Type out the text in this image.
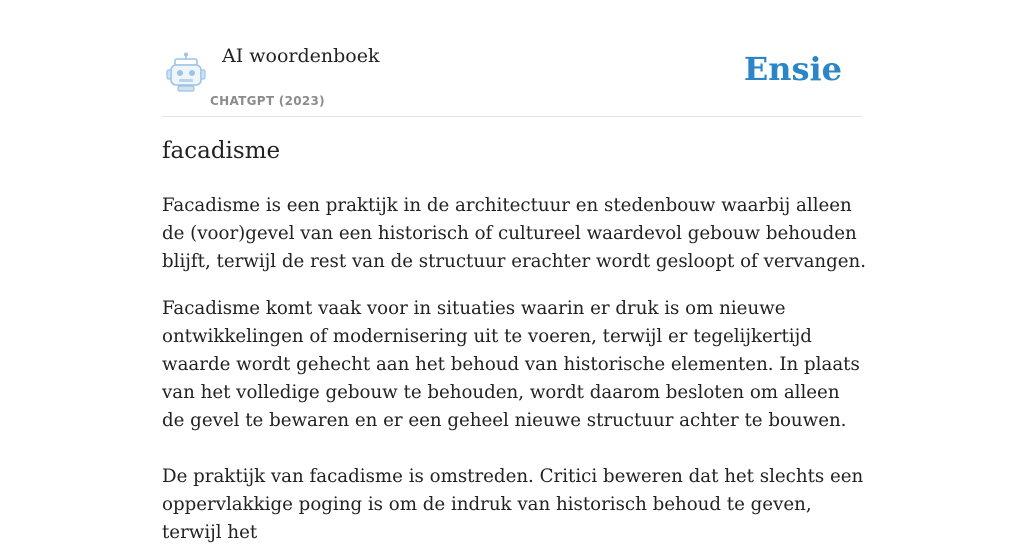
AI woordenboek
CHATGPT (2023)
Ensie
facadisme

Facadisme is een praktijk in de architectuur en stedenbouw waarbij alleen de (voor)gevel van een historisch of cultureel waardevol gebouw behouden blijft, terwijl de rest van de structuur erachter wordt gesloopt of vervangen.

Facadisme komt vaak voor in situaties waarin er druk is om nieuwe ontwikkelingen of modernisering uit te voeren, terwijl er tegelijkertijd waarde wordt gehecht aan het behoud van historische elementen. In plaats van het volledige gebouw te behouden, wordt daarom besloten om alleen de gevel te bewaren en er een geheel nieuwe structuur achter te bouwen.

De praktijk van facadisme is omstreden. Critici beweren dat het slechts een oppervlakkige poging is om de indruk van historisch behoud te geven, terwijl het
